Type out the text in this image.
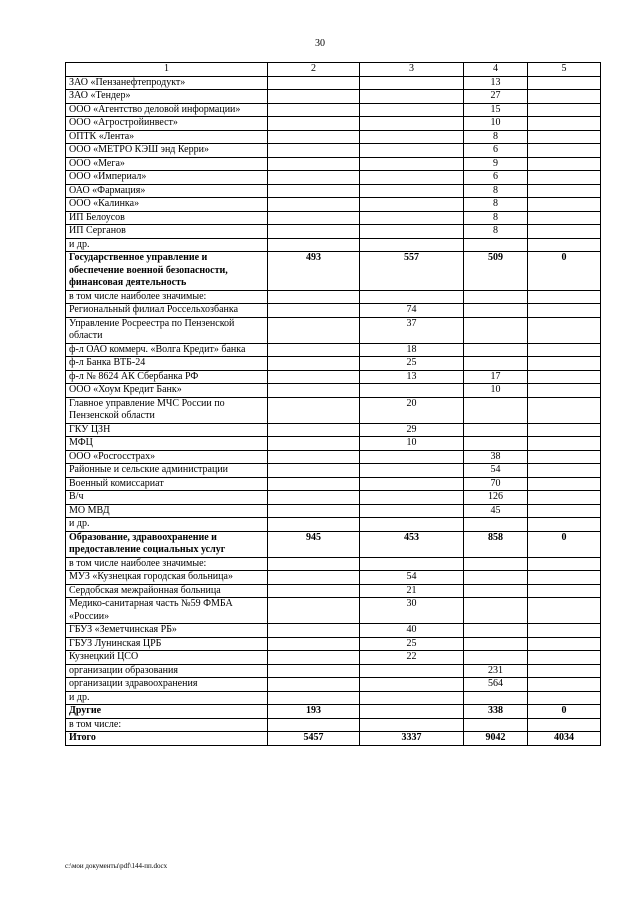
30
1	2	3	4	5
ЗАО «Пензанефтепродукт»			13	
ЗАО «Тендер»			27	
ООО «Агентство деловой информации»			15	
ООО «Агростройинвест»			10	
ОПТК «Лента»			8	
ООО «МЕТРО КЭШ энд Керри»			6	
ООО «Мега»			9	
ООО «Империал»			6	
ОАО «Фармация»			8	
ООО «Калинка»			8	
ИП Белоусов			8	
ИП Серганов			8	
и др.				
Государственное управление и обеспечение военной безопасности, финансовая деятельность	493	557	509	0
в том числе наиболее значимые:				
Региональный филиал Россельхозбанка		74		
Управление Росреестра по Пензенской области		37		
ф-л ОАО коммерч. «Волга Кредит» банка		18		
ф-л Банка ВТБ-24		25		
ф-л № 8624 АК Сбербанка РФ		13	17	
ООО «Хоум Кредит Банк»			10	
Главное управление МЧС России по Пензенской области		20		
ГКУ ЦЗН		29		
МФЦ		10		
ООО «Росгосстрах»			38	
Районные и сельские администрации			54	
Военный комиссариат			70	
В/ч			126	
МО МВД			45	
и др.				
Образование, здравоохранение и предоставление социальных услуг	945	453	858	0
в том числе наиболее значимые:				
МУЗ «Кузнецкая городская больница»		54		
Сердобская межрайонная больница		21		
Медико-санитарная часть №59 ФМБА «России»		30		
ГБУЗ «Земетчинская РБ»		40		
ГБУЗ Лунинская ЦРБ		25		
Кузнецкий ЦСО		22		
организации образования			231	
организации здравоохранения			564	
и др.				
Другие	193		338	0
в том числе:				
Итого	5457	3337	9042	4034
c:\мои документы\pdf\144-пп.docx
